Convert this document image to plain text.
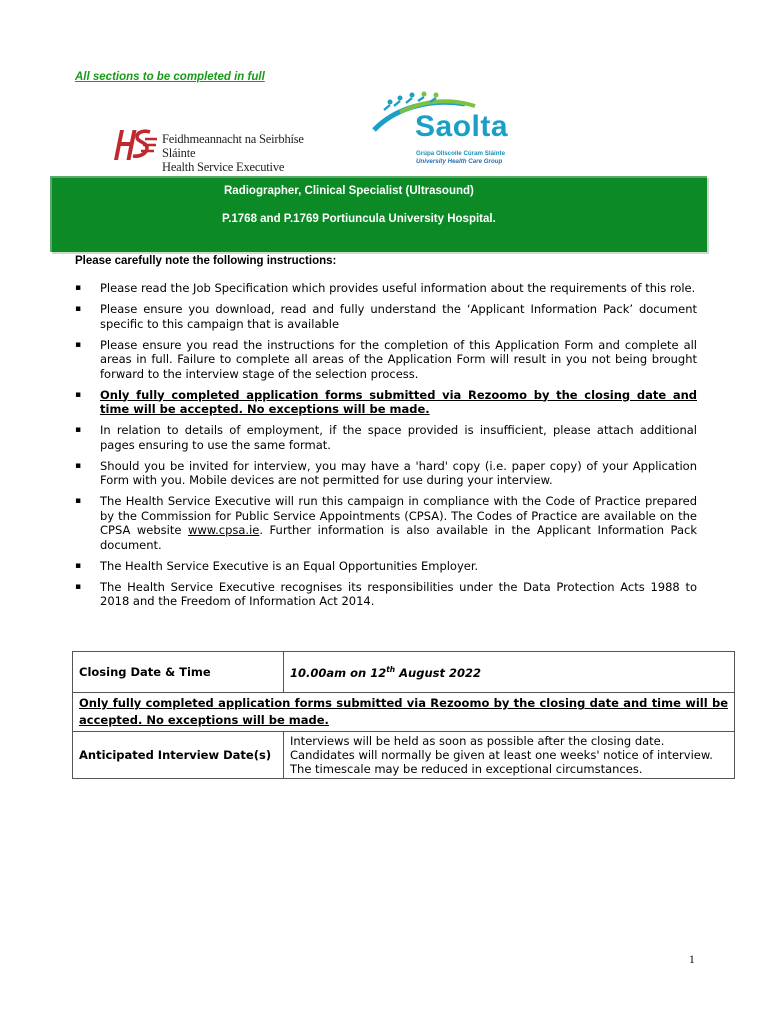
All sections to be completed in full
Feidhmeannacht na Seirbhíse Sláinte
Health Service Executive
Saolta
Grúpa Ollscoile Cúram Sláinte
University Health Care Group
Radiographer, Clinical Specialist (Ultrasound)
P.1768 and P.1769 Portiuncula University Hospital.
Please carefully note the following instructions:
▪ Please read the Job Specification which provides useful information about the requirements of this role.
▪ Please ensure you download, read and fully understand the ‘Applicant Information Pack’ document specific to this campaign that is available
▪ Please ensure you read the instructions for the completion of this Application Form and complete all areas in full. Failure to complete all areas of the Application Form will result in you not being brought forward to the interview stage of the selection process.
▪ Only fully completed application forms submitted via Rezoomo by the closing date and time will be accepted. No exceptions will be made.
▪ In relation to details of employment, if the space provided is insufficient, please attach additional pages ensuring to use the same format.
▪ Should you be invited for interview, you may have a 'hard' copy (i.e. paper copy) of your Application Form with you. Mobile devices are not permitted for use during your interview.
▪ The Health Service Executive will run this campaign in compliance with the Code of Practice prepared by the Commission for Public Service Appointments (CPSA). The Codes of Practice are available on the CPSA website www.cpsa.ie. Further information is also available in the Applicant Information Pack document.
▪ The Health Service Executive is an Equal Opportunities Employer.
▪ The Health Service Executive recognises its responsibilities under the Data Protection Acts 1988 to 2018 and the Freedom of Information Act 2014.
Closing Date & Time	10.00am on 12th August 2022
Only fully completed application forms submitted via Rezoomo by the closing date and time will be accepted. No exceptions will be made.	
Anticipated Interview Date(s)	Interviews will be held as soon as possible after the closing date. Candidates will normally be given at least one weeks' notice of interview. The timescale may be reduced in exceptional circumstances.
1
